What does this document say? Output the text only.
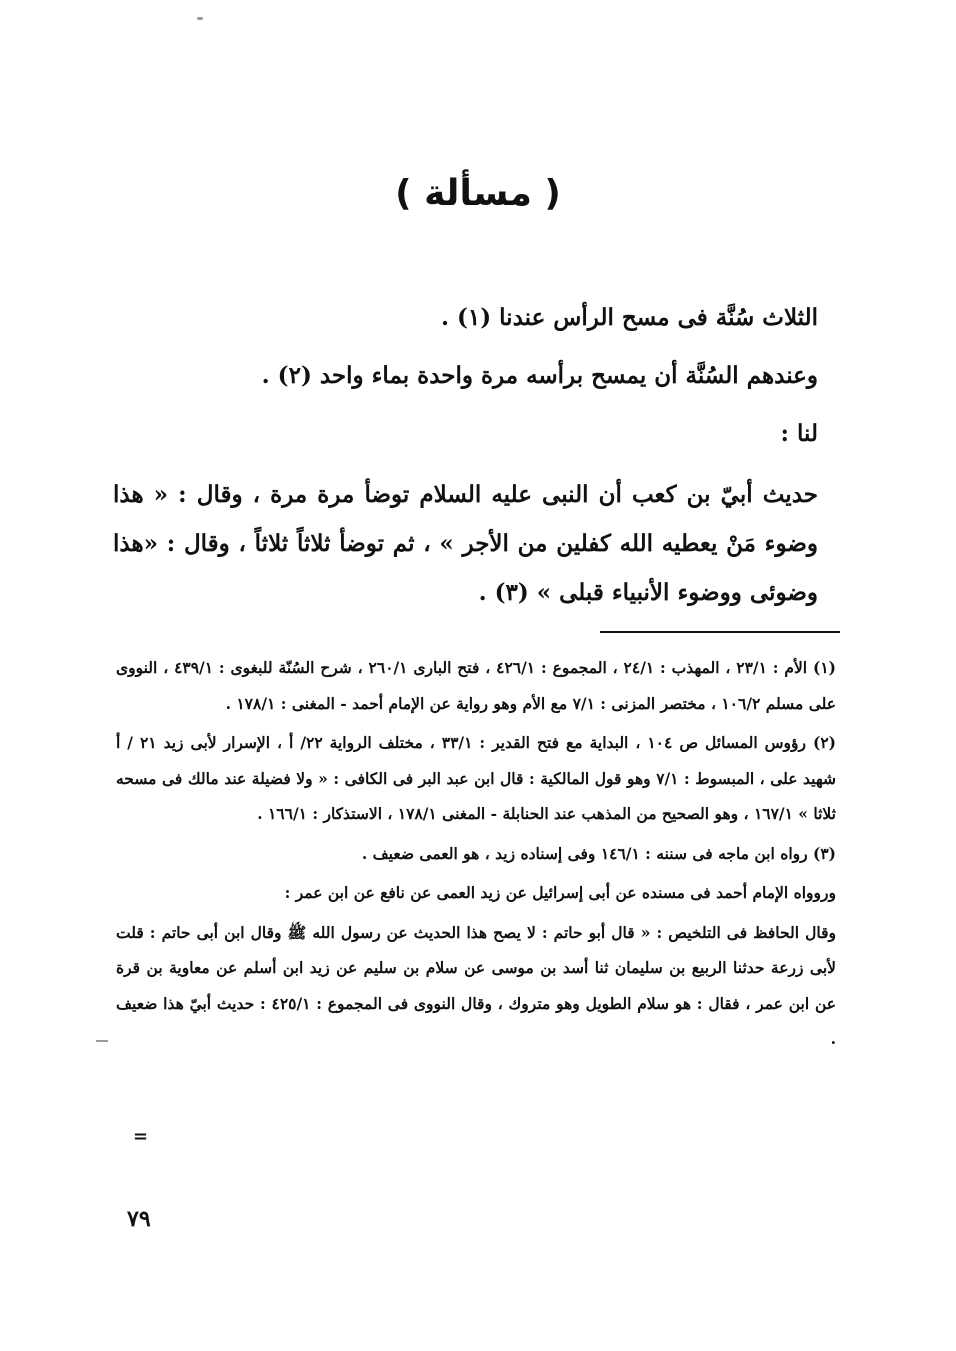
( مسألة )

الثلاث سُنَّة فى مسح الرأس عندنا (١) .

وعندهم السُنَّة أن يمسح برأسه مرة واحدة بماء واحد (٢) .

لنا :

حديث أبيّ بن كعب أن النبى عليه السلام توضأ مرة مرة ، وقال : « هذا وضوء مَنْ يعطيه الله كفلين من الأجر » ، ثم توضأ ثلاثاً ثلاثاً ، وقال : «هذا وضوئى ووضوء الأنبياء قبلى » (٣) .

(١) الأم : ٢٣/١ ، المهذب : ٢٤/١ ، المجموع : ٤٢٦/١ ، فتح البارى ٢٦٠/١ ، شرح السُنّة للبغوى : ٤٣٩/١ ، النووى على مسلم ١٠٦/٢ ، مختصر المزنى : ٧/١ مع الأم وهو رواية عن الإمام أحمد - المغنى : ١٧٨/١ .

(٢) رؤوس المسائل ص ١٠٤ ، البداية مع فتح القدير : ٣٣/١ ، مختلف الرواية ٢٢/ أ ، الإسرار لأبى زيد ٢١ / أ شهيد على ، المبسوط : ٧/١ وهو قول المالكية : قال ابن عبد البر فى الكافى : « ولا فضيلة عند مالك فى مسحه ثلاثا » ١٦٧/١ ، وهو الصحيح من المذهب عند الحنابلة - المغنى ١٧٨/١ ، الاستذكار : ١٦٦/١ .

(٣) رواه ابن ماجه فى سننه : ١٤٦/١ وفى إسناده زيد ، هو العمى ضعيف .

وروواه الإمام أحمد فى مسنده عن أبى إسرائيل عن زيد العمى عن نافع عن ابن عمر :

وقال الحافظ فى التلخيص : « قال أبو حاتم : لا يصح هذا الحديث عن رسول الله ﷺ وقال ابن أبى حاتم : قلت لأبى زرعة حدثنا الربيع بن سليمان ثنا أسد بن موسى عن سلام بن سليم عن زيد ابن أسلم عن معاوية بن قرة عن ابن عمر ، فقال : هو سلام الطويل وهو متروك ، وقال النووى فى المجموع : ٤٢٥/١ : حديث أبيّ هذا ضعيف .

=
٧٩
